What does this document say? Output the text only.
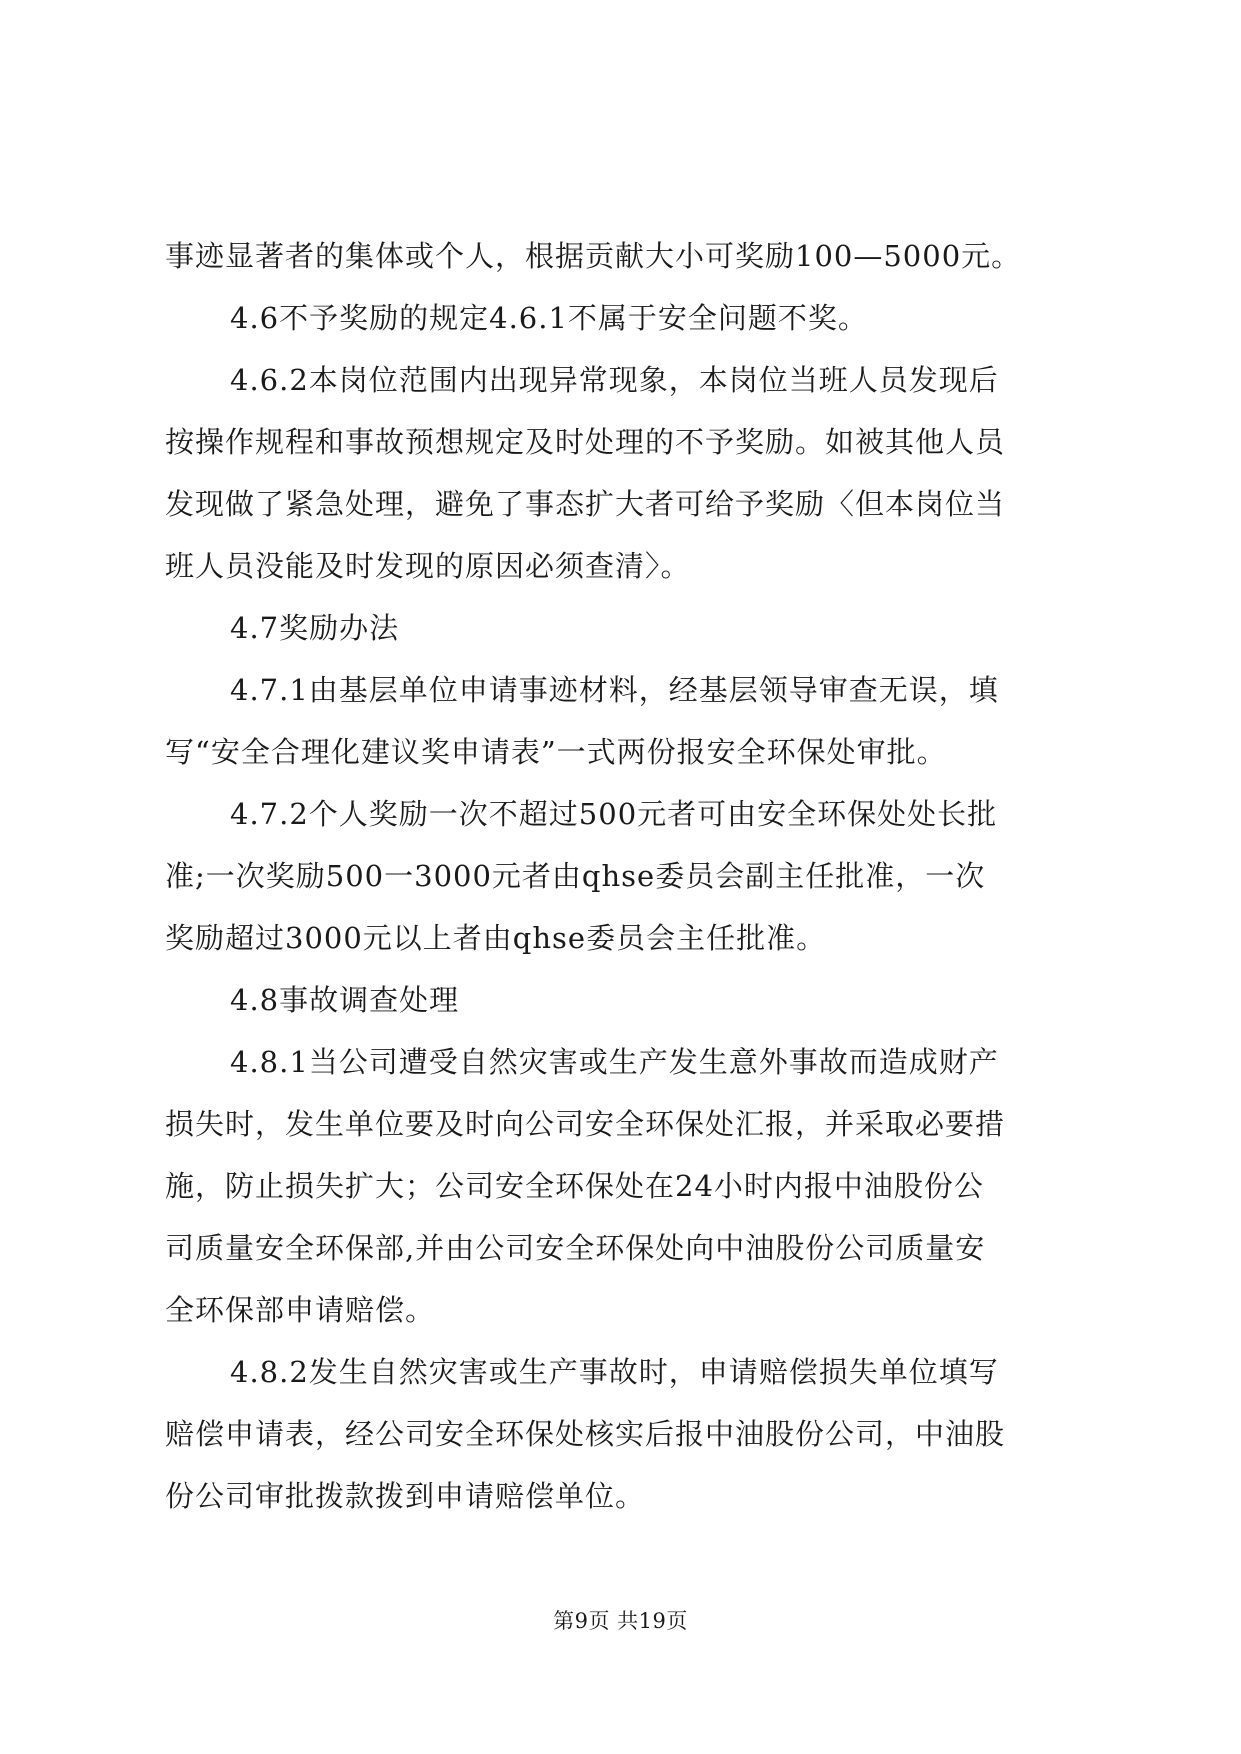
事迹显著者的集体或个人，根据贡献大小可奖励100—5000元。
4.6不予奖励的规定4.6.1不属于安全问题不奖。
4.6.2本岗位范围内出现异常现象，本岗位当班人员发现后
按操作规程和事故预想规定及时处理的不予奖励。如被其他人员
发现做了紧急处理，避免了事态扩大者可给予奖励〈但本岗位当
班人员没能及时发现的原因必须查清〉。
4.7奖励办法
4.7.1由基层单位申请事迹材料，经基层领导审查无误，填
写“安全合理化建议奖申请表”一式两份报安全环保处审批。
4.7.2个人奖励一次不超过500元者可由安全环保处处长批
准;一次奖励500一3000元者由qhse委员会副主任批准，一次
奖励超过3000元以上者由qhse委员会主任批准。
4.8事故调查处理
4.8.1当公司遭受自然灾害或生产发生意外事故而造成财产
损失时，发生单位要及时向公司安全环保处汇报，并采取必要措
施，防止损失扩大；公司安全环保处在24小时内报中油股份公
司质量安全环保部,并由公司安全环保处向中油股份公司质量安
全环保部申请赔偿。
4.8.2发生自然灾害或生产事故时，申请赔偿损失单位填写
赔偿申请表，经公司安全环保处核实后报中油股份公司，中油股
份公司审批拨款拨到申请赔偿单位。
第9页 共19页
